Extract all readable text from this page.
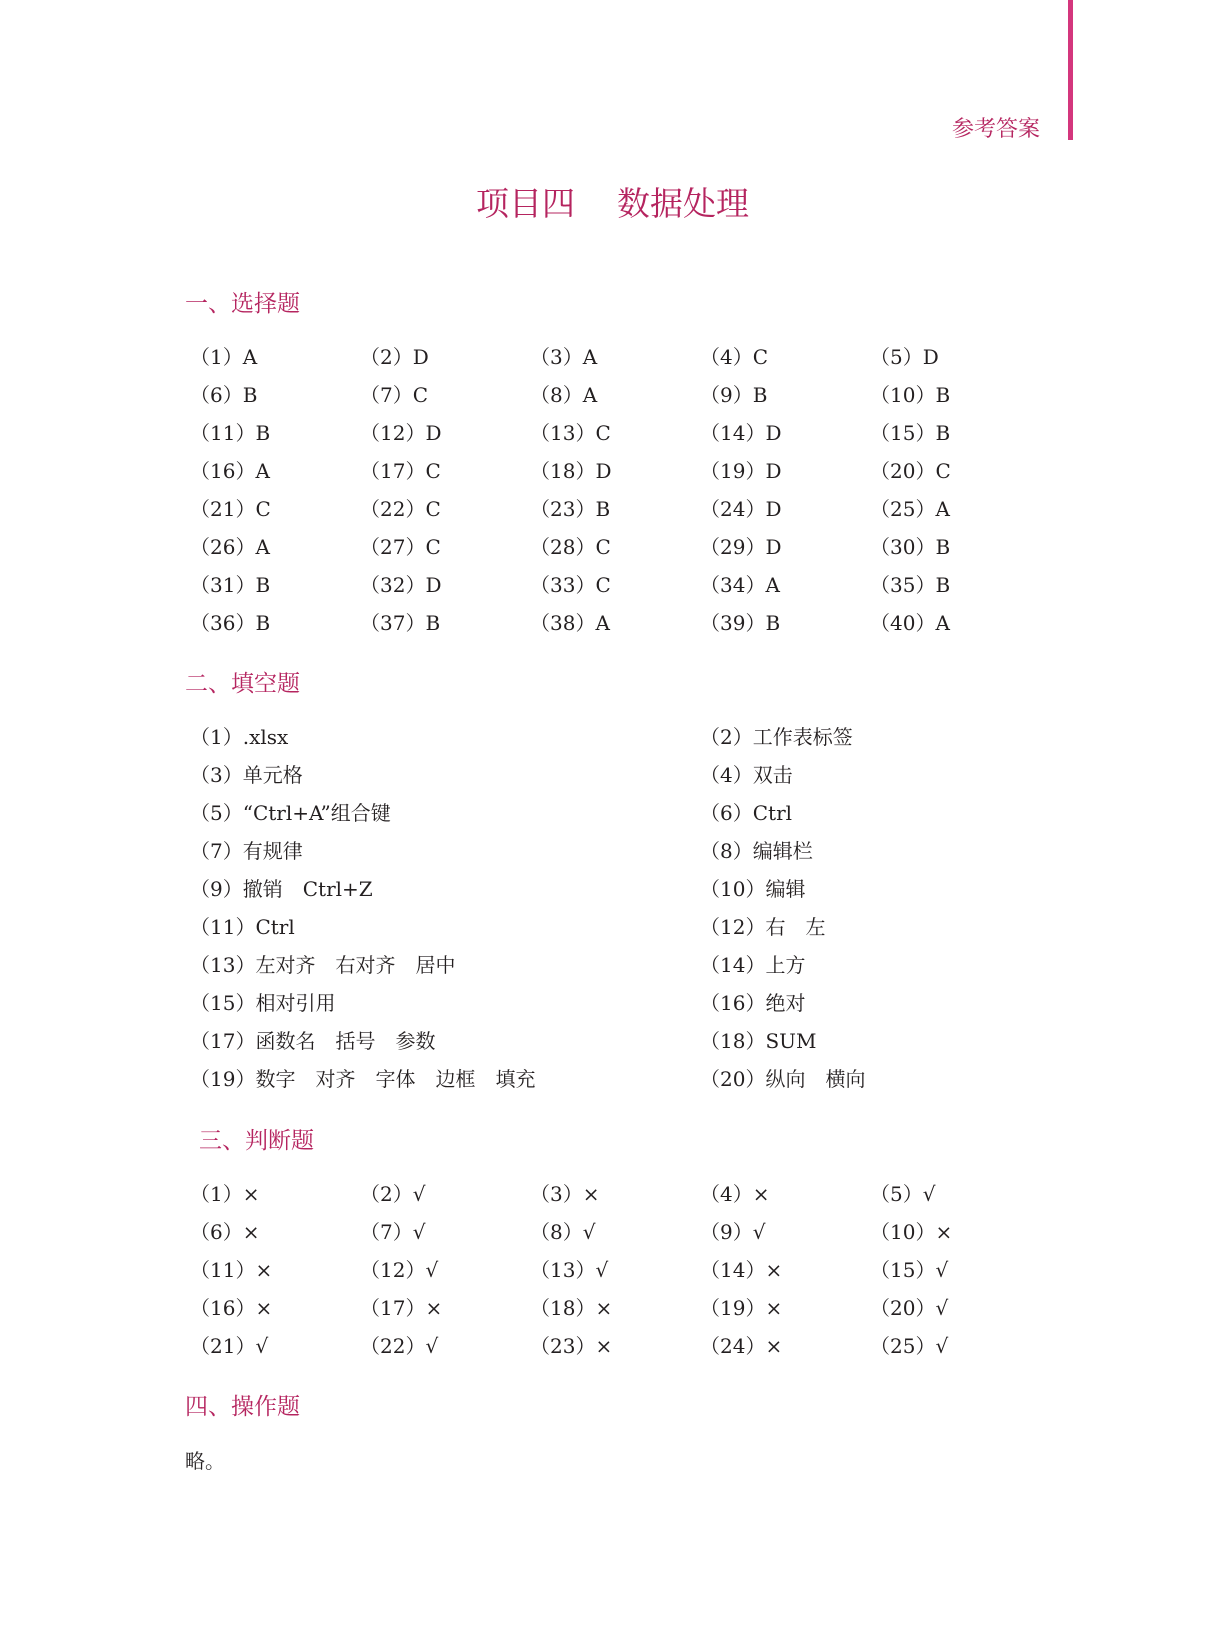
参考答案
项目四 数据处理
一、选择题
（1）A	（2）D	（3）A	（4）C	（5）D
（6）B	（7）C	（8）A	（9）B	（10）B
（11）B	（12）D	（13）C	（14）D	（15）B
（16）A	（17）C	（18）D	（19）D	（20）C
（21）C	（22）C	（23）B	（24）D	（25）A
（26）A	（27）C	（28）C	（29）D	（30）B
（31）B	（32）D	（33）C	（34）A	（35）B
（36）B	（37）B	（38）A	（39）B	（40）A
二、填空题
（1）.xlsx	（2）工作表标签
（3）单元格	（4）双击
（5）“Ctrl+A”组合键	（6）Ctrl
（7）有规律	（8）编辑栏
（9）撤销　Ctrl+Z	（10）编辑
（11）Ctrl	（12）右　左
（13）左对齐　右对齐　居中	（14）上方
（15）相对引用	（16）绝对
（17）函数名　括号　参数	（18）SUM
（19）数字　对齐　字体　边框　填充	（20）纵向　横向
三、判断题
（1）×	（2）√	（3）×	（4）×	（5）√
（6）×	（7）√	（8）√	（9）√	（10）×
（11）×	（12）√	（13）√	（14）×	（15）√
（16）×	（17）×	（18）×	（19）×	（20）√
（21）√	（22）√	（23）×	（24）×	（25）√
四、操作题
略。
